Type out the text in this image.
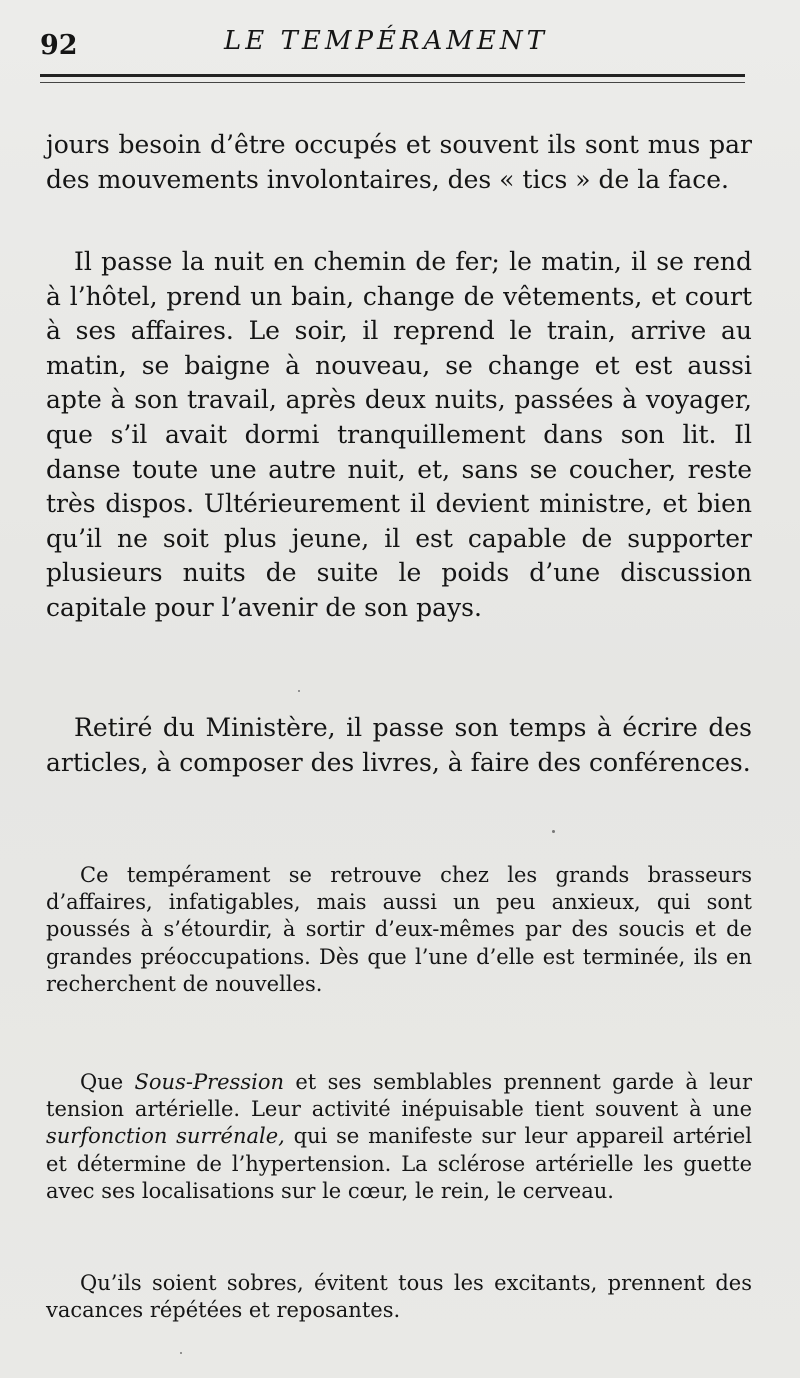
92	LE TEMPÉRAMENT

jours besoin d’être occupés et souvent ils sont mus par des mouvements involontaires, des « tics » de la face.

Il passe la nuit en chemin de fer; le matin, il se rend à l’hôtel, prend un bain, change de vêtements, et court à ses affaires. Le soir, il reprend le train, arrive au matin, se baigne à nouveau, se change et est aussi apte à son travail, après deux nuits, passées à voyager, que s’il avait dormi tranquillement dans son lit. Il danse toute une autre nuit, et, sans se coucher, reste très dispos. Ultérieurement il devient ministre, et bien qu’il ne soit plus jeune, il est capable de supporter plusieurs nuits de suite le poids d’une discussion capitale pour l’avenir de son pays.

Retiré du Ministère, il passe son temps à écrire des articles, à composer des livres, à faire des conférences.

Ce tempérament se retrouve chez les grands brasseurs d’affaires, infatigables, mais aussi un peu anxieux, qui sont poussés à s’étourdir, à sortir d’eux-mêmes par des soucis et de grandes préoccupations. Dès que l’une d’elle est terminée, ils en recherchent de nouvelles.

Que Sous-Pression et ses semblables prennent garde à leur tension artérielle. Leur activité inépuisable tient souvent à une surfonction surrénale, qui se manifeste sur leur appareil artériel et détermine de l’hypertension. La sclérose artérielle les guette avec ses localisations sur le cœur, le rein, le cerveau.

Qu’ils soient sobres, évitent tous les excitants, prennent des vacances répétées et reposantes.
